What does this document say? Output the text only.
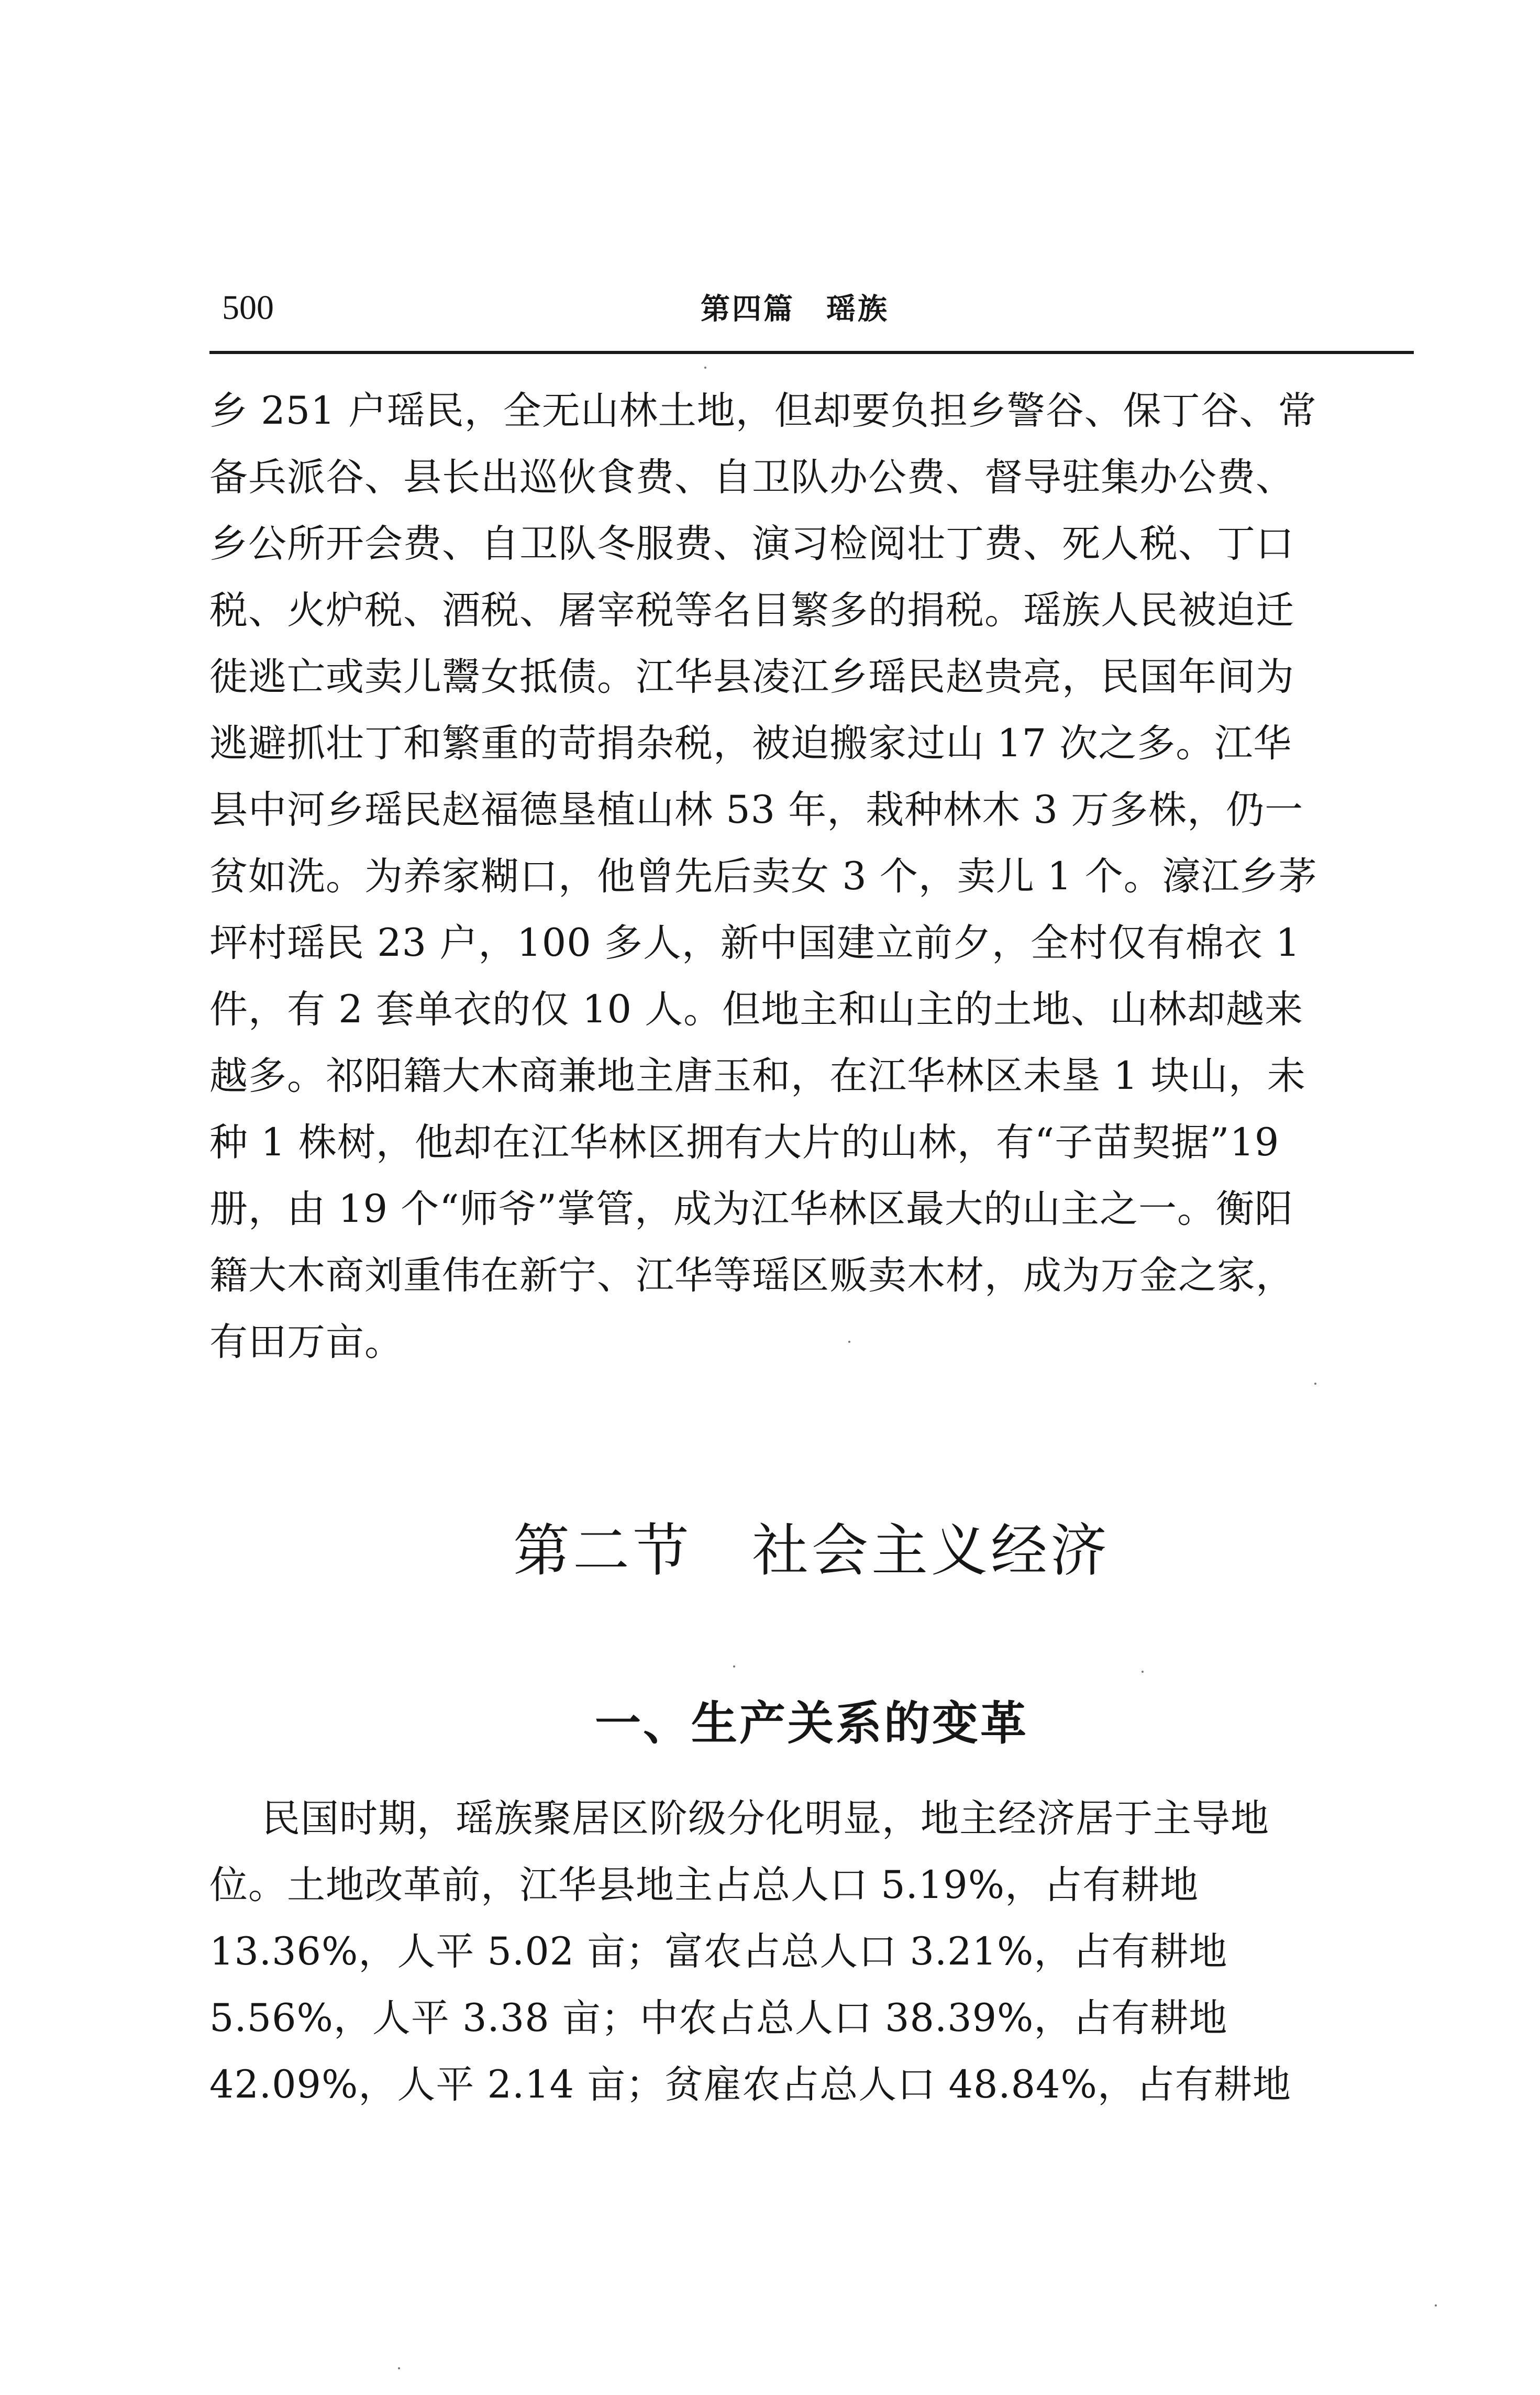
500	第四篇　瑶族
乡 251 户瑶民，全无山林土地，但却要负担乡警谷、保丁谷、常
备兵派谷、县长出巡伙食费、自卫队办公费、督导驻集办公费、
乡公所开会费、自卫队冬服费、演习检阅壮丁费、死人税、丁口
税、火炉税、酒税、屠宰税等名目繁多的捐税。瑶族人民被迫迁
徙逃亡或卖儿鬻女抵债。江华县凌江乡瑶民赵贵亮，民国年间为
逃避抓壮丁和繁重的苛捐杂税，被迫搬家过山 17 次之多。江华
县中河乡瑶民赵福德垦植山林 53 年，栽种林木 3 万多株，仍一
贫如洗。为养家糊口，他曾先后卖女 3 个，卖儿 1 个。濠江乡茅
坪村瑶民 23 户，100 多人，新中国建立前夕，全村仅有棉衣 1
件，有 2 套单衣的仅 10 人。但地主和山主的土地、山林却越来
越多。祁阳籍大木商兼地主唐玉和，在江华林区未垦 1 块山，未
种 1 株树，他却在江华林区拥有大片的山林，有“子苗契据”19
册，由 19 个“师爷”掌管，成为江华林区最大的山主之一。衡阳
籍大木商刘重伟在新宁、江华等瑶区贩卖木材，成为万金之家，
有田万亩。
第二节　社会主义经济
一、生产关系的变革
民国时期，瑶族聚居区阶级分化明显，地主经济居于主导地
位。土地改革前，江华县地主占总人口 5.19%，占有耕地
13.36%，人平 5.02 亩；富农占总人口 3.21%，占有耕地
5.56%，人平 3.38 亩；中农占总人口 38.39%，占有耕地
42.09%，人平 2.14 亩；贫雇农占总人口 48.84%，占有耕地
